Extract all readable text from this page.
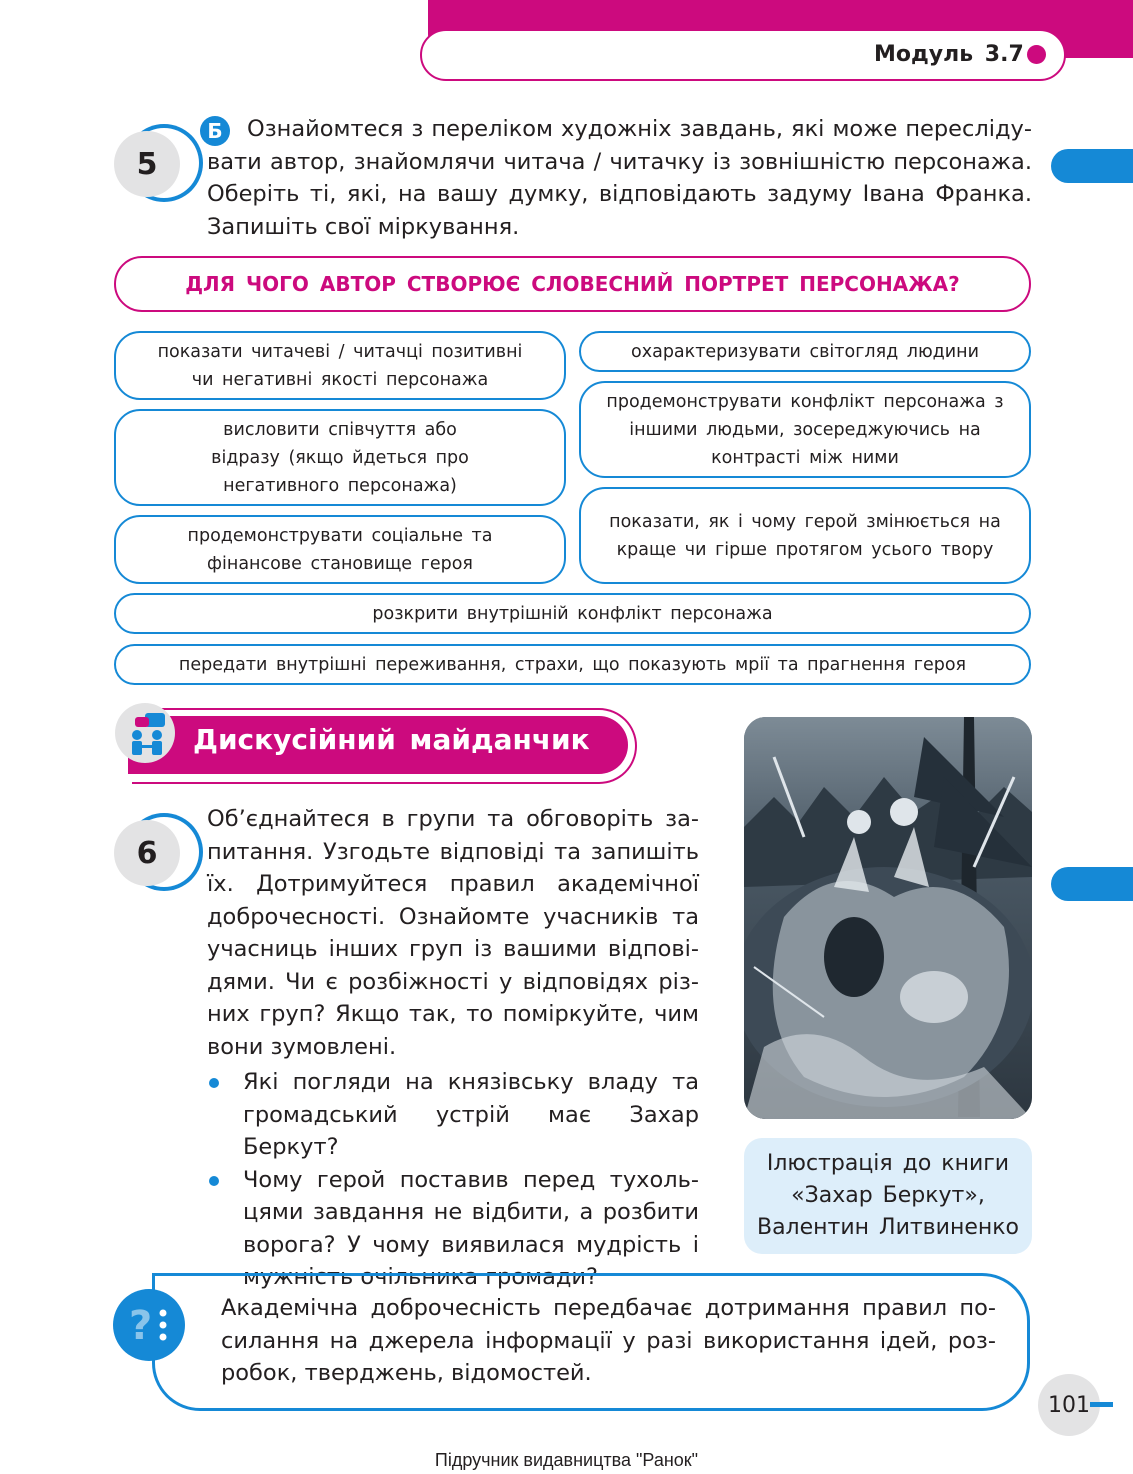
Модуль 3.7
5
Б	Ознайомтеся з переліком художніх завдань, які може переслідувати автор, знайомлячи читача / читачку із зовнішністю персонажа. Оберіть ті, які, на вашу думку, відповідають задуму Івана Франка. Запишіть свої міркування.
ДЛЯ ЧОГО АВТОР СТВОРЮЄ СЛОВЕСНИЙ ПОРТРЕТ ПЕРСОНАЖА?
показати читачеві / читачці позитивні чи негативні якості персонажа
висловити співчуття або відразу (якщо йдеться про негативного персонажа)
продемонструвати соціальне та фінансове становище героя
охарактеризувати світогляд людини
продемонструвати конфлікт персонажа з іншими людьми, зосереджуючись на контрасті між ними
показати, як і чому герой змінюється на краще чи гірше протягом усього твору
розкрити внутрішній конфлікт персонажа
передати внутрішні переживання, страхи, що показують мрії та прагнення героя
Дискусійний майданчик
6
Об’єднайтеся в групи та обговоріть запитання. Узгодьте відповіді та запишіть їх. Дотримуйтеся правил академічної доброчесності. Ознайомте учасників та учасниць інших груп із вашими відповідями. Чи є розбіжності у відповідях різних груп? Якщо так, то поміркуйте, чим вони зумовлені.
Які погляди на князівську владу та громадський устрій має Захар Беркут?
Чому герой поставив перед тухольцями завдання не відбити, а розбити ворога? У чому виявилася мудрість і мужність очільника громади?
Ілюстрація до книги
«Захар Беркут»,
Валентин Литвиненко
?	Академічна доброчесність передбачає дотримання правил посилання на джерела інформації у разі використання ідей, розробок, тверджень, відомостей.
101
Підручник видавництва "Ранок"
